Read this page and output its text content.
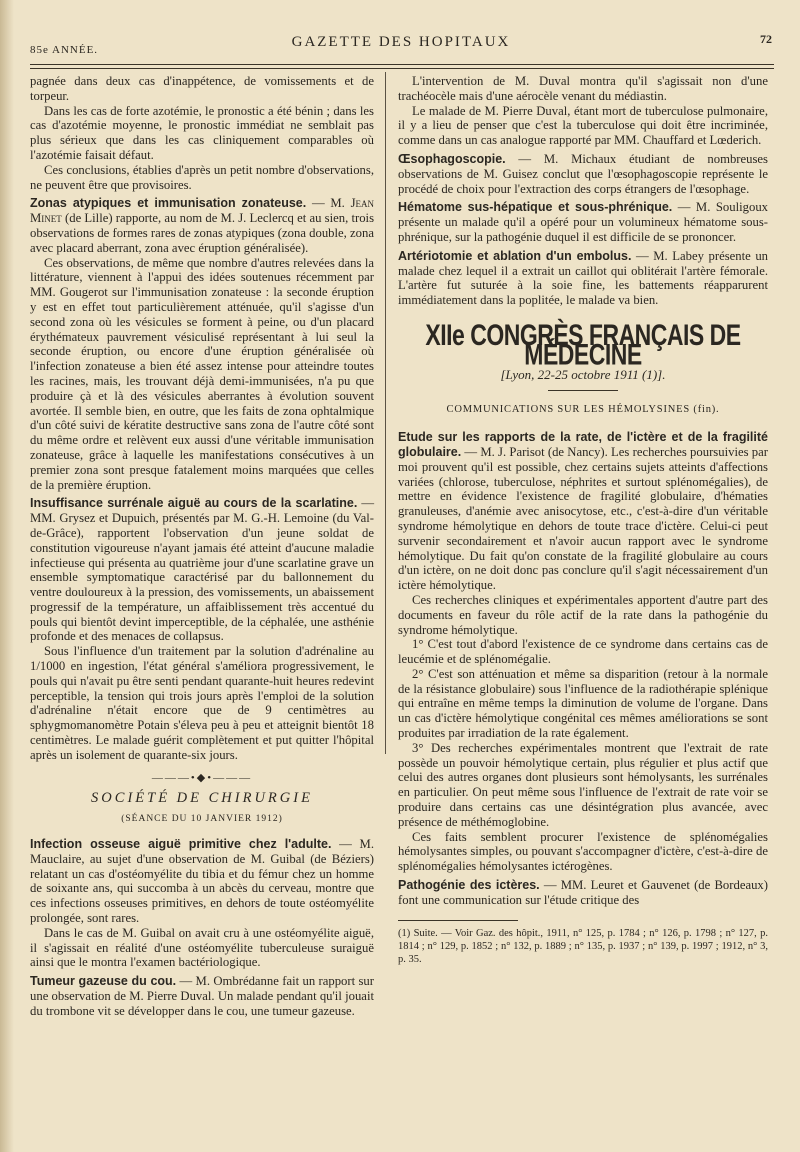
85e ANNÉE.	GAZETTE DES HOPITAUX	72

pagnée dans deux cas d'inappétence, de vomissements et de torpeur.

Dans les cas de forte azotémie, le pronostic a été bénin ; dans les cas d'azotémie moyenne, le pronostic immédiat ne semblait pas plus sérieux que dans les cas cliniquement comparables où l'azotémie faisait défaut.

Ces conclusions, établies d'après un petit nombre d'observations, ne peuvent être que provisoires.

Zonas atypiques et immunisation zonateuse. — M. Jean Minet (de Lille) rapporte, au nom de M. J. Leclercq et au sien, trois observations de formes rares de zonas atypiques (zona double, zona avec placard aberrant, zona avec éruption généralisée).

Ces observations, de même que nombre d'autres relevées dans la littérature, viennent à l'appui des idées soutenues récemment par MM. Gougerot sur l'immunisation zonateuse : la seconde éruption y est en effet tout particulièrement atténuée, qu'il s'agisse d'un second zona où les vésicules se forment à peine, ou d'un placard érythémateux pauvrement vésiculisé représentant à lui seul la seconde éruption, ou encore d'une éruption généralisée où l'infection zonateuse a bien été assez intense pour atteindre toutes les racines, mais, les trouvant déjà demi-immunisées, n'a pu que produire çà et là des vésicules aberrantes à évolution souvent avortée. Il semble bien, en outre, que les faits de zona ophtalmique d'un côté suivi de kératite destructive sans zona de l'autre côté sont du même ordre et relèvent eux aussi d'une véritable immunisation zonateuse, grâce à laquelle les manifestations consécutives à un premier zona sont presque fatalement moins marquées que celles de la première éruption.

Insuffisance surrénale aiguë au cours de la scarlatine. — MM. Grysez et Dupuich, présentés par M. G.-H. Lemoine (du Val-de-Grâce), rapportent l'observation d'un jeune soldat de constitution vigoureuse n'ayant jamais été atteint d'aucune maladie infectieuse qui présenta au quatrième jour d'une scarlatine grave un ensemble symptomatique caractérisé par du ballonnement du ventre douloureux à la pression, des vomissements, un abaissement progressif de la température, un affaiblissement très accentué du pouls qui bientôt devint imperceptible, de la céphalée, une asthénie profonde et des menaces de collapsus.

Sous l'influence d'un traitement par la solution d'adrénaline au 1/1000 en ingestion, l'état général s'améliora progressivement, le pouls qui n'avait pu être senti pendant quarante-huit heures redevint perceptible, la tension qui trois jours après l'emploi de la solution d'adrénaline n'était encore que de 9 centimètres au sphygmomanomètre Potain s'éleva peu à peu et atteignit bientôt 18 centimètres. Le malade guérit complètement et put quitter l'hôpital après un isolement de quarante-six jours.

———•◆•———
SOCIÉTÉ DE CHIRURGIE
(SÉANCE DU 10 JANVIER 1912)

Infection osseuse aiguë primitive chez l'adulte. — M. Mauclaire, au sujet d'une observation de M. Guibal (de Béziers) relatant un cas d'ostéomyélite du tibia et du fémur chez un homme de soixante ans, qui succomba à un abcès du cerveau, montre que ces infections osseuses primitives, en dehors de toute ostéomyélite prolongée, sont rares.

Dans le cas de M. Guibal on avait cru à une ostéomyélite aiguë, il s'agissait en réalité d'une ostéomyélite tuberculeuse suraiguë ainsi que le montra l'examen bactériologique.

Tumeur gazeuse du cou. — M. Ombrédanne fait un rapport sur une observation de M. Pierre Duval. Un malade pendant qu'il jouait du trombone vit se développer dans le cou, une tumeur gazeuse.

L'intervention de M. Duval montra qu'il s'agissait non d'une trachéocèle mais d'une aérocèle venant du médiastin.

Le malade de M. Pierre Duval, étant mort de tuberculose pulmonaire, il y a lieu de penser que c'est la tuberculose qui doit être incriminée, comme dans un cas analogue rapporté par MM. Chauffard et Lœderich.

Œsophagoscopie. — M. Michaux étudiant de nombreuses observations de M. Guisez conclut que l'œsophagoscopie représente le procédé de choix pour l'extraction des corps étrangers de l'œsophage.

Hématome sus-hépatique et sous-phrénique. — M. Souligoux présente un malade qu'il a opéré pour un volumineux hématome sous-phrénique, sur la pathogénie duquel il est difficile de se prononcer.

Artériotomie et ablation d'un embolus. — M. Labey présente un malade chez lequel il a extrait un caillot qui oblitérait l'artère fémorale. L'artère fut suturée à la soie fine, les battements réapparurent immédiatement dans la poplitée, le malade va bien.

XIIe CONGRÈS FRANÇAIS DE MÉDECINE
[Lyon, 22-25 octobre 1911 (1)].
COMMUNICATIONS SUR LES HÉMOLYSINES (fin).

Etude sur les rapports de la rate, de l'ictère et de la fragilité globulaire. — M. J. Parisot (de Nancy). Les recherches poursuivies par moi prouvent qu'il est possible, chez certains sujets atteints d'affections variées (chlorose, tuberculose, néphrites et surtout splénomégalies), de mettre en évidence l'existence de fragilité globulaire, d'hématies granuleuses, d'anémie avec anisocytose, etc., c'est-à-dire d'un véritable syndrome hémolytique en dehors de toute trace d'ictère. Celui-ci peut survenir secondairement et n'avoir aucun rapport avec le syndrome hémolytique. Du fait qu'on constate de la fragilité globulaire au cours d'un ictère, on ne doit donc pas conclure qu'il s'agit nécessairement d'un ictère hémolytique.

Ces recherches cliniques et expérimentales apportent d'autre part des documents en faveur du rôle actif de la rate dans la pathogénie du syndrome hémolytique.

1° C'est tout d'abord l'existence de ce syndrome dans certains cas de leucémie et de splénomégalie.

2° C'est son atténuation et même sa disparition (retour à la normale de la résistance globulaire) sous l'influence de la radiothérapie splénique qui entraîne en même temps la diminution de volume de l'organe. Dans un cas d'ictère hémolytique congénital ces mêmes améliorations se sont produites par irradiation de la rate également.

3° Des recherches expérimentales montrent que l'extrait de rate possède un pouvoir hémolytique certain, plus régulier et plus actif que celui des autres organes dont plusieurs sont hémolysants, les surrénales en particulier. On peut même sous l'influence de l'extrait de rate voir se produire dans certains cas une désintégration plus avancée, avec présence de méthémoglobine.

Ces faits semblent procurer l'existence de splénomégalies hémolysantes simples, ou pouvant s'accompagner d'ictère, c'est-à-dire de splénomégalies hémolysantes ictérogènes.

Pathogénie des ictères. — MM. Leuret et Gauvenet (de Bordeaux) font une communication sur l'étude critique des

(1) Suite. — Voir Gaz. des hôpit., 1911, n° 125, p. 1784 ; n° 126, p. 1798 ; n° 127, p. 1814 ; n° 129, p. 1852 ; n° 132, p. 1889 ; n° 135, p. 1937 ; n° 139, p. 1997 ; 1912, n° 3, p. 35.
